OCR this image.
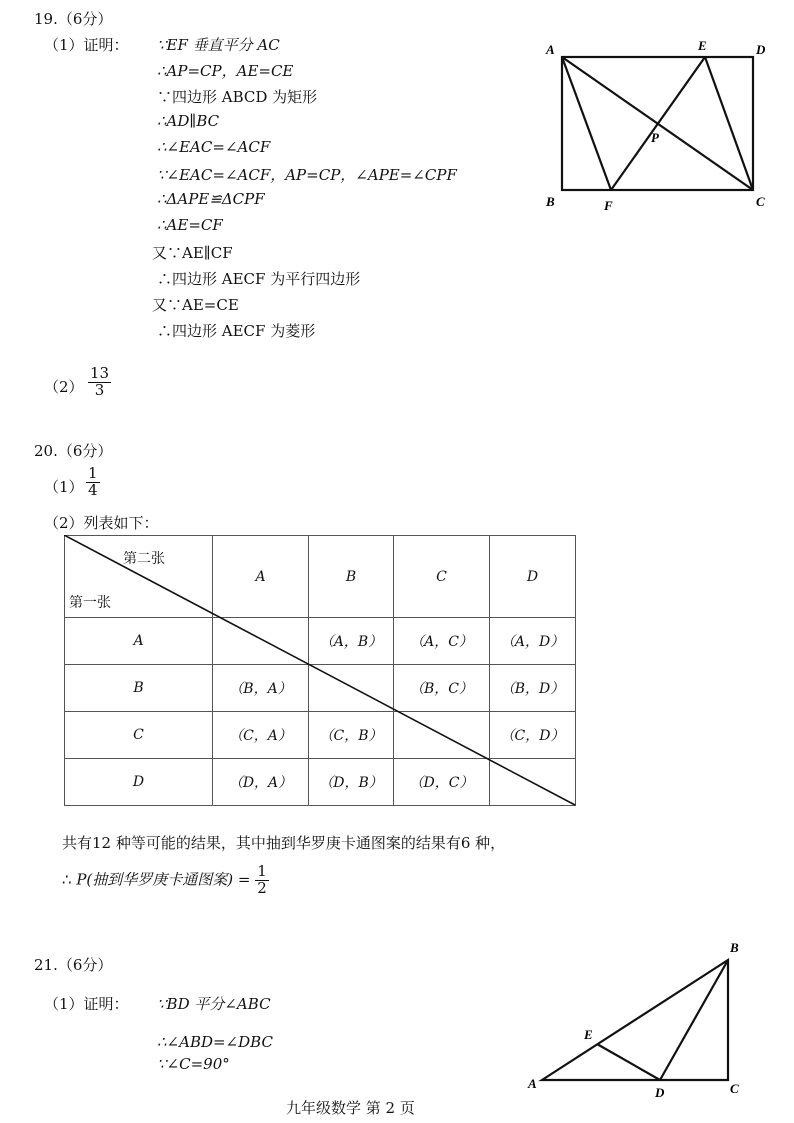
19.（6分）
（1）证明： ∵EF 垂直平分 AC
∴AP=CP，AE=CE
∵四边形 ABCD 为矩形
∴AD∥BC
∴∠EAC=∠ACF
∵∠EAC=∠ACF，AP=CP，∠APE=∠CPF
∴ΔAPE≌ΔCPF
∴AE=CF
又∵AE∥CF
∴四边形 AECF 为平行四边形
又∵AE=CE
∴四边形 AECF 为菱形
A	E	D
P
B	F	C
$(2) \frac{13}{3}$
20.（6分）
$(1) \frac{1}{4}$
（2）列表如下：
第二张
第一张	A	B	C	D
A		（A，B）	（A，C）	（A，D）
B	（B，A）		（B，C）	（B，D）
C	（C，A）	（C，B）		（C，D）
D	（D，A）	（D，B）	（D，C）	
共有12 种等可能的结果，其中抽到华罗庚卡通图案的结果有6 种，
∴ P(抽到华罗庚卡通图案) = $\frac{1}{2}$
21.（6分）
（1）证明： ∵BD 平分∠ABC
∴∠ABD=∠DBC
∵∠C=90°
B
E
A
D	C
九年级数学 第 2 页
